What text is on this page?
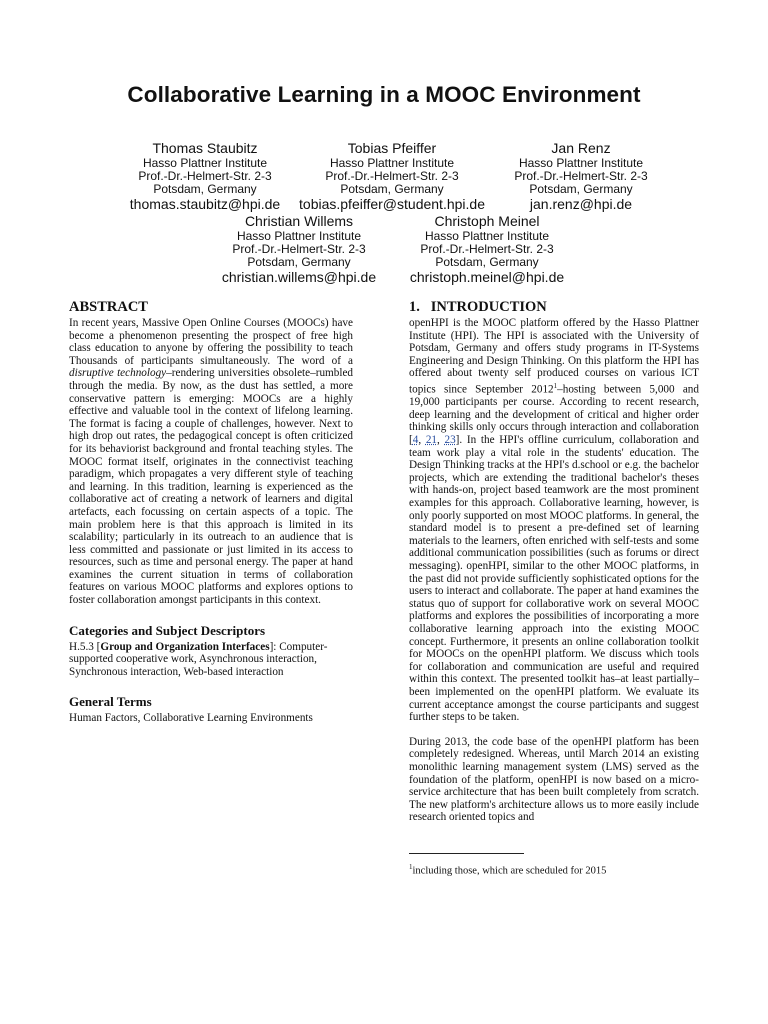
Collaborative Learning in a MOOC Environment
Thomas Staubitz
Hasso Plattner Institute
Prof.-Dr.-Helmert-Str. 2-3
Potsdam, Germany
thomas.staubitz@hpi.de
Tobias Pfeiffer
Hasso Plattner Institute
Prof.-Dr.-Helmert-Str. 2-3
Potsdam, Germany
tobias.pfeiffer@student.hpi.de
Jan Renz
Hasso Plattner Institute
Prof.-Dr.-Helmert-Str. 2-3
Potsdam, Germany
jan.renz@hpi.de
Christian Willems
Hasso Plattner Institute
Prof.-Dr.-Helmert-Str. 2-3
Potsdam, Germany
christian.willems@hpi.de
Christoph Meinel
Hasso Plattner Institute
Prof.-Dr.-Helmert-Str. 2-3
Potsdam, Germany
christoph.meinel@hpi.de

ABSTRACT

In recent years, Massive Open Online Courses (MOOCs) have become a phenomenon presenting the prospect of free high class education to anyone by offering the possibility to teach Thousands of participants simultaneously. The word of a disruptive technology–rendering universities obsolete–rumbled through the media. By now, as the dust has settled, a more conservative pattern is emerging: MOOCs are a highly effective and valuable tool in the context of lifelong learning. The format is facing a couple of challenges, however. Next to high drop out rates, the pedagogical concept is often criticized for its behaviorist background and frontal teaching styles. The MOOC format itself, originates in the connectivist teaching paradigm, which propagates a very different style of teaching and learning. In this tradition, learning is experienced as the collaborative act of creating a network of learners and digital artefacts, each focussing on certain aspects of a topic. The main problem here is that this approach is limited in its scalability; particularly in its outreach to an audience that is less committed and passionate or just limited in its access to resources, such as time and personal energy. The paper at hand examines the current situation in terms of collaboration features on various MOOC platforms and explores options to foster collaboration amongst participants in this context.

Categories and Subject Descriptors

H.5.3 [Group and Organization Interfaces]: Computer-supported cooperative work, Asynchronous interaction, Synchronous interaction, Web-based interaction

General Terms

Human Factors, Collaborative Learning Environments

1.   INTRODUCTION

openHPI is the MOOC platform offered by the Hasso Plattner Institute (HPI). The HPI is associated with the University of Potsdam, Germany and offers study programs in IT-Systems Engineering and Design Thinking. On this platform the HPI has offered about twenty self produced courses on various ICT topics since September 2012$^1$–hosting between 5,000 and 19,000 participants per course. According to recent research, deep learning and the development of critical and higher order thinking skills only occurs through interaction and collaboration [4, 21, 23]. In the HPI's offline curriculum, collaboration and team work play a vital role in the students' education. The Design Thinking tracks at the HPI's d.school or e.g. the bachelor projects, which are extending the traditional bachelor's theses with hands-on, project based teamwork are the most prominent examples for this approach. Collaborative learning, however, is only poorly supported on most MOOC platforms. In general, the standard model is to present a pre-defined set of learning materials to the learners, often enriched with self-tests and some additional communication possibilities (such as forums or direct messaging). openHPI, similar to the other MOOC platforms, in the past did not provide sufficiently sophisticated options for the users to interact and collaborate. The paper at hand examines the status quo of support for collaborative work on several MOOC platforms and explores the possibilities of incorporating a more collaborative learning approach into the existing MOOC concept. Furthermore, it presents an online collaboration toolkit for MOOCs on the openHPI platform. We discuss which tools for collaboration and communication are useful and required within this context. The presented toolkit has–at least partially–been implemented on the openHPI platform. We evaluate its current acceptance amongst the course participants and suggest further steps to be taken.

During 2013, the code base of the openHPI platform has been completely redesigned. Whereas, until March 2014 an existing monolithic learning management system (LMS) served as the foundation of the platform, openHPI is now based on a micro-service architecture that has been built completely from scratch. The new platform's architecture allows us to more easily include research oriented topics and

$^1$including those, which are scheduled for 2015
